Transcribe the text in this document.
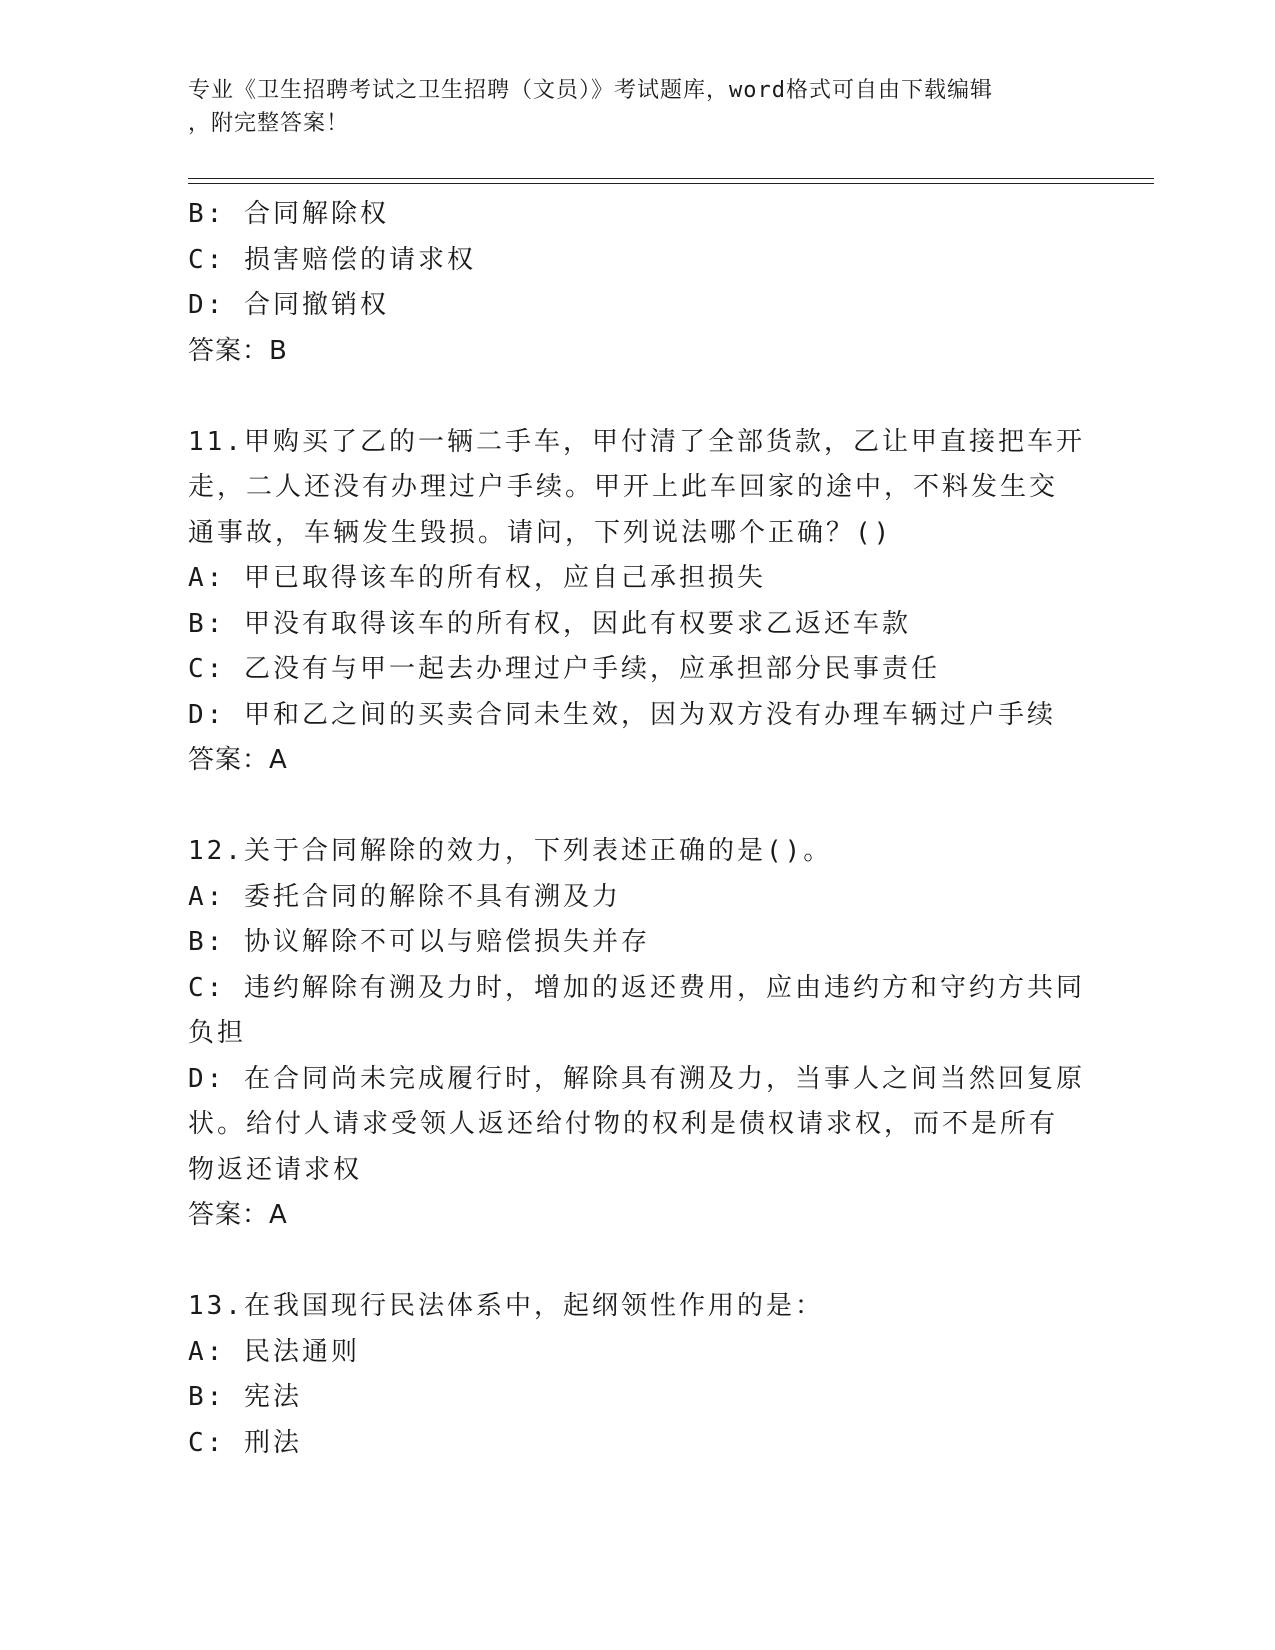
专业《卫生招聘考试之卫生招聘（文员）》考试题库，word格式可自由下载编辑
，附完整答案！
B: 合同解除权
C: 损害赔偿的请求权
D: 合同撤销权
答案：B
11.甲购买了乙的一辆二手车，甲付清了全部货款，乙让甲直接把车开
走，二人还没有办理过户手续。甲开上此车回家的途中，不料发生交
通事故，车辆发生毁损。请问，下列说法哪个正确？()
A: 甲已取得该车的所有权，应自己承担损失
B: 甲没有取得该车的所有权，因此有权要求乙返还车款
C: 乙没有与甲一起去办理过户手续，应承担部分民事责任
D: 甲和乙之间的买卖合同未生效，因为双方没有办理车辆过户手续
答案：A
12.关于合同解除的效力，下列表述正确的是()。
A: 委托合同的解除不具有溯及力
B: 协议解除不可以与赔偿损失并存
C: 违约解除有溯及力时，增加的返还费用，应由违约方和守约方共同
负担
D: 在合同尚未完成履行时，解除具有溯及力，当事人之间当然回复原
状。给付人请求受领人返还给付物的权利是债权请求权，而不是所有
物返还请求权
答案：A
13.在我国现行民法体系中，起纲领性作用的是：
A: 民法通则
B: 宪法
C: 刑法
